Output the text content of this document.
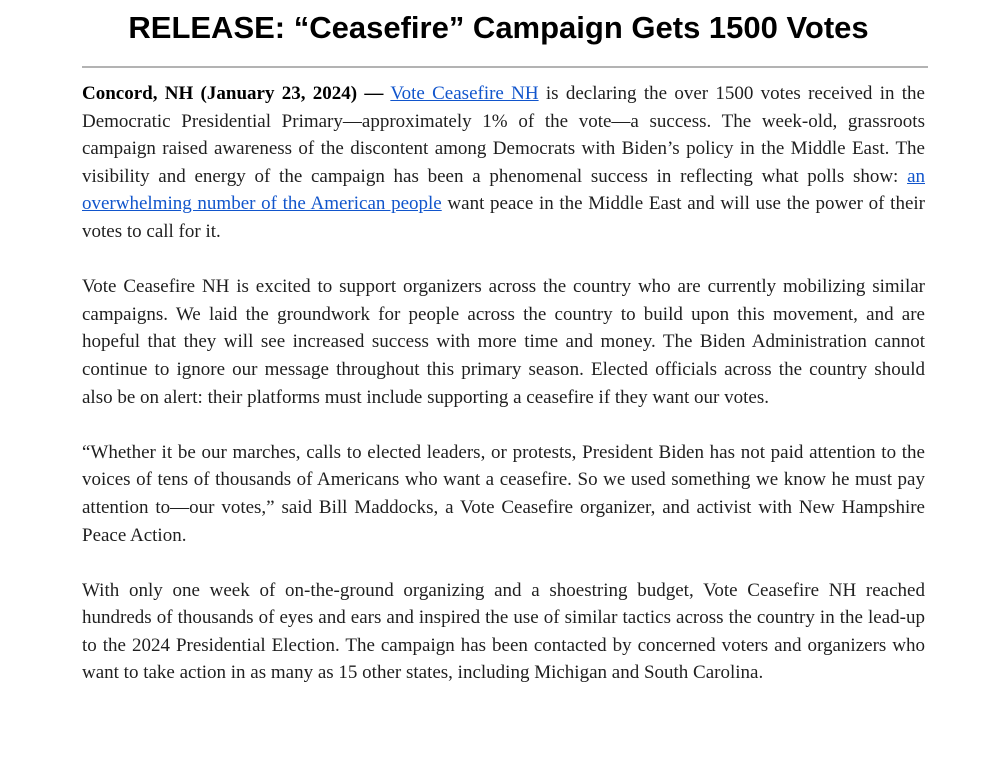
RELEASE: “Ceasefire” Campaign Gets 1500 Votes

Concord, NH (January 23, 2024) — Vote Ceasefire NH is declaring the over 1500 votes received in the Democratic Presidential Primary—approximately 1% of the vote—a success. The week-old, grassroots campaign raised awareness of the discontent among Democrats with Biden’s policy in the Middle East. The visibility and energy of the campaign has been a phenomenal success in reflecting what polls show: an overwhelming number of the American people want peace in the Middle East and will use the power of their votes to call for it.

Vote Ceasefire NH is excited to support organizers across the country who are currently mobilizing similar campaigns. We laid the groundwork for people across the country to build upon this movement, and are hopeful that they will see increased success with more time and money. The Biden Administration cannot continue to ignore our message throughout this primary season. Elected officials across the country should also be on alert: their platforms must include supporting a ceasefire if they want our votes.

“Whether it be our marches, calls to elected leaders, or protests, President Biden has not paid attention to the voices of tens of thousands of Americans who want a ceasefire. So we used something we know he must pay attention to—our votes,” said Bill Maddocks, a Vote Ceasefire organizer, and activist with New Hampshire Peace Action.

With only one week of on-the-ground organizing and a shoestring budget, Vote Ceasefire NH reached hundreds of thousands of eyes and ears and inspired the use of similar tactics across the country in the lead-up to the 2024 Presidential Election. The campaign has been contacted by concerned voters and organizers who want to take action in as many as 15 other states, including Michigan and South Carolina.
